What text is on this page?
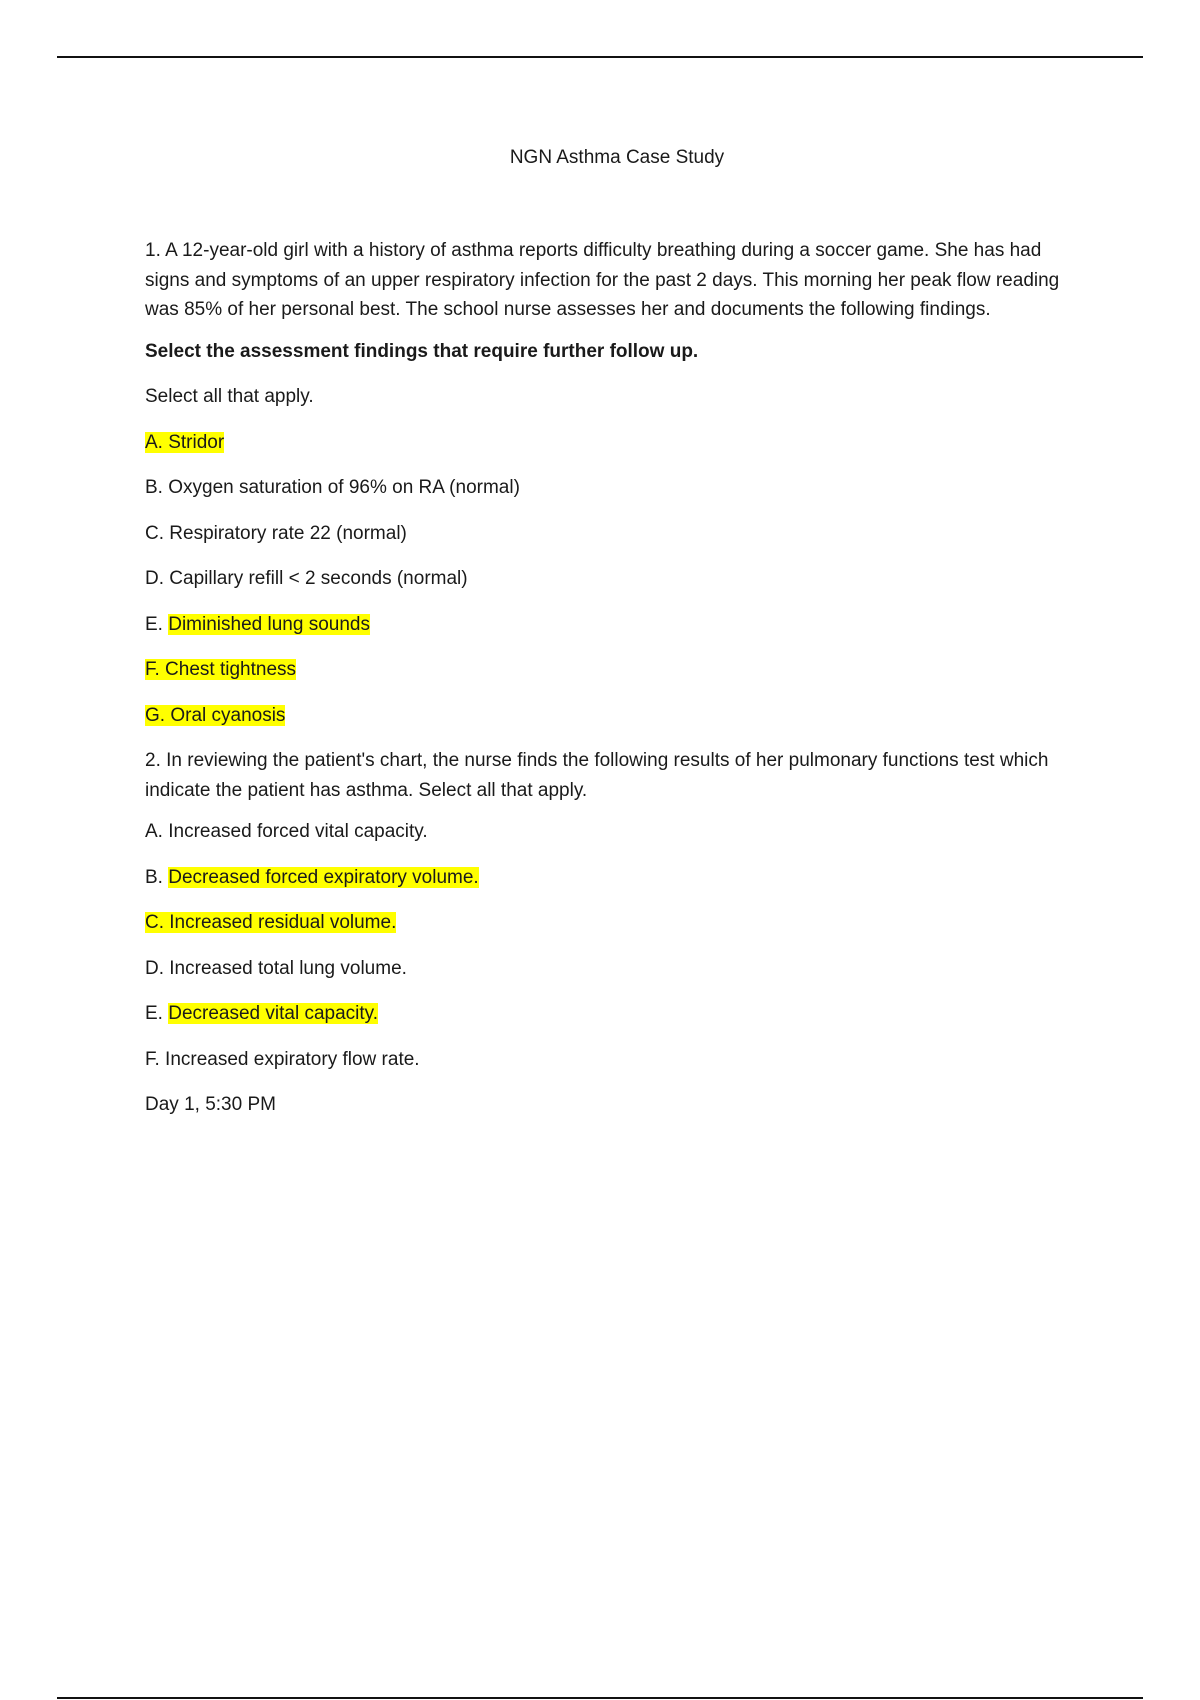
NGN Asthma Case Study

1. A 12-year-old girl with a history of asthma reports difficulty breathing during a soccer game. She has had signs and symptoms of an upper respiratory infection for the past 2 days. This morning her peak flow reading was 85% of her personal best. The school nurse assesses her and documents the following findings.

Select the assessment findings that require further follow up.

Select all that apply.

A. Stridor

B. Oxygen saturation of 96% on RA (normal)

C. Respiratory rate 22 (normal)

D. Capillary refill < 2 seconds (normal)

E. Diminished lung sounds

F. Chest tightness

G. Oral cyanosis

2. In reviewing the patient's chart, the nurse finds the following results of her pulmonary functions test which indicate the patient has asthma. Select all that apply.

A. Increased forced vital capacity.

B. Decreased forced expiratory volume.

C. Increased residual volume.

D. Increased total lung volume.

E. Decreased vital capacity.

F. Increased expiratory flow rate.

Day 1, 5:30 PM
